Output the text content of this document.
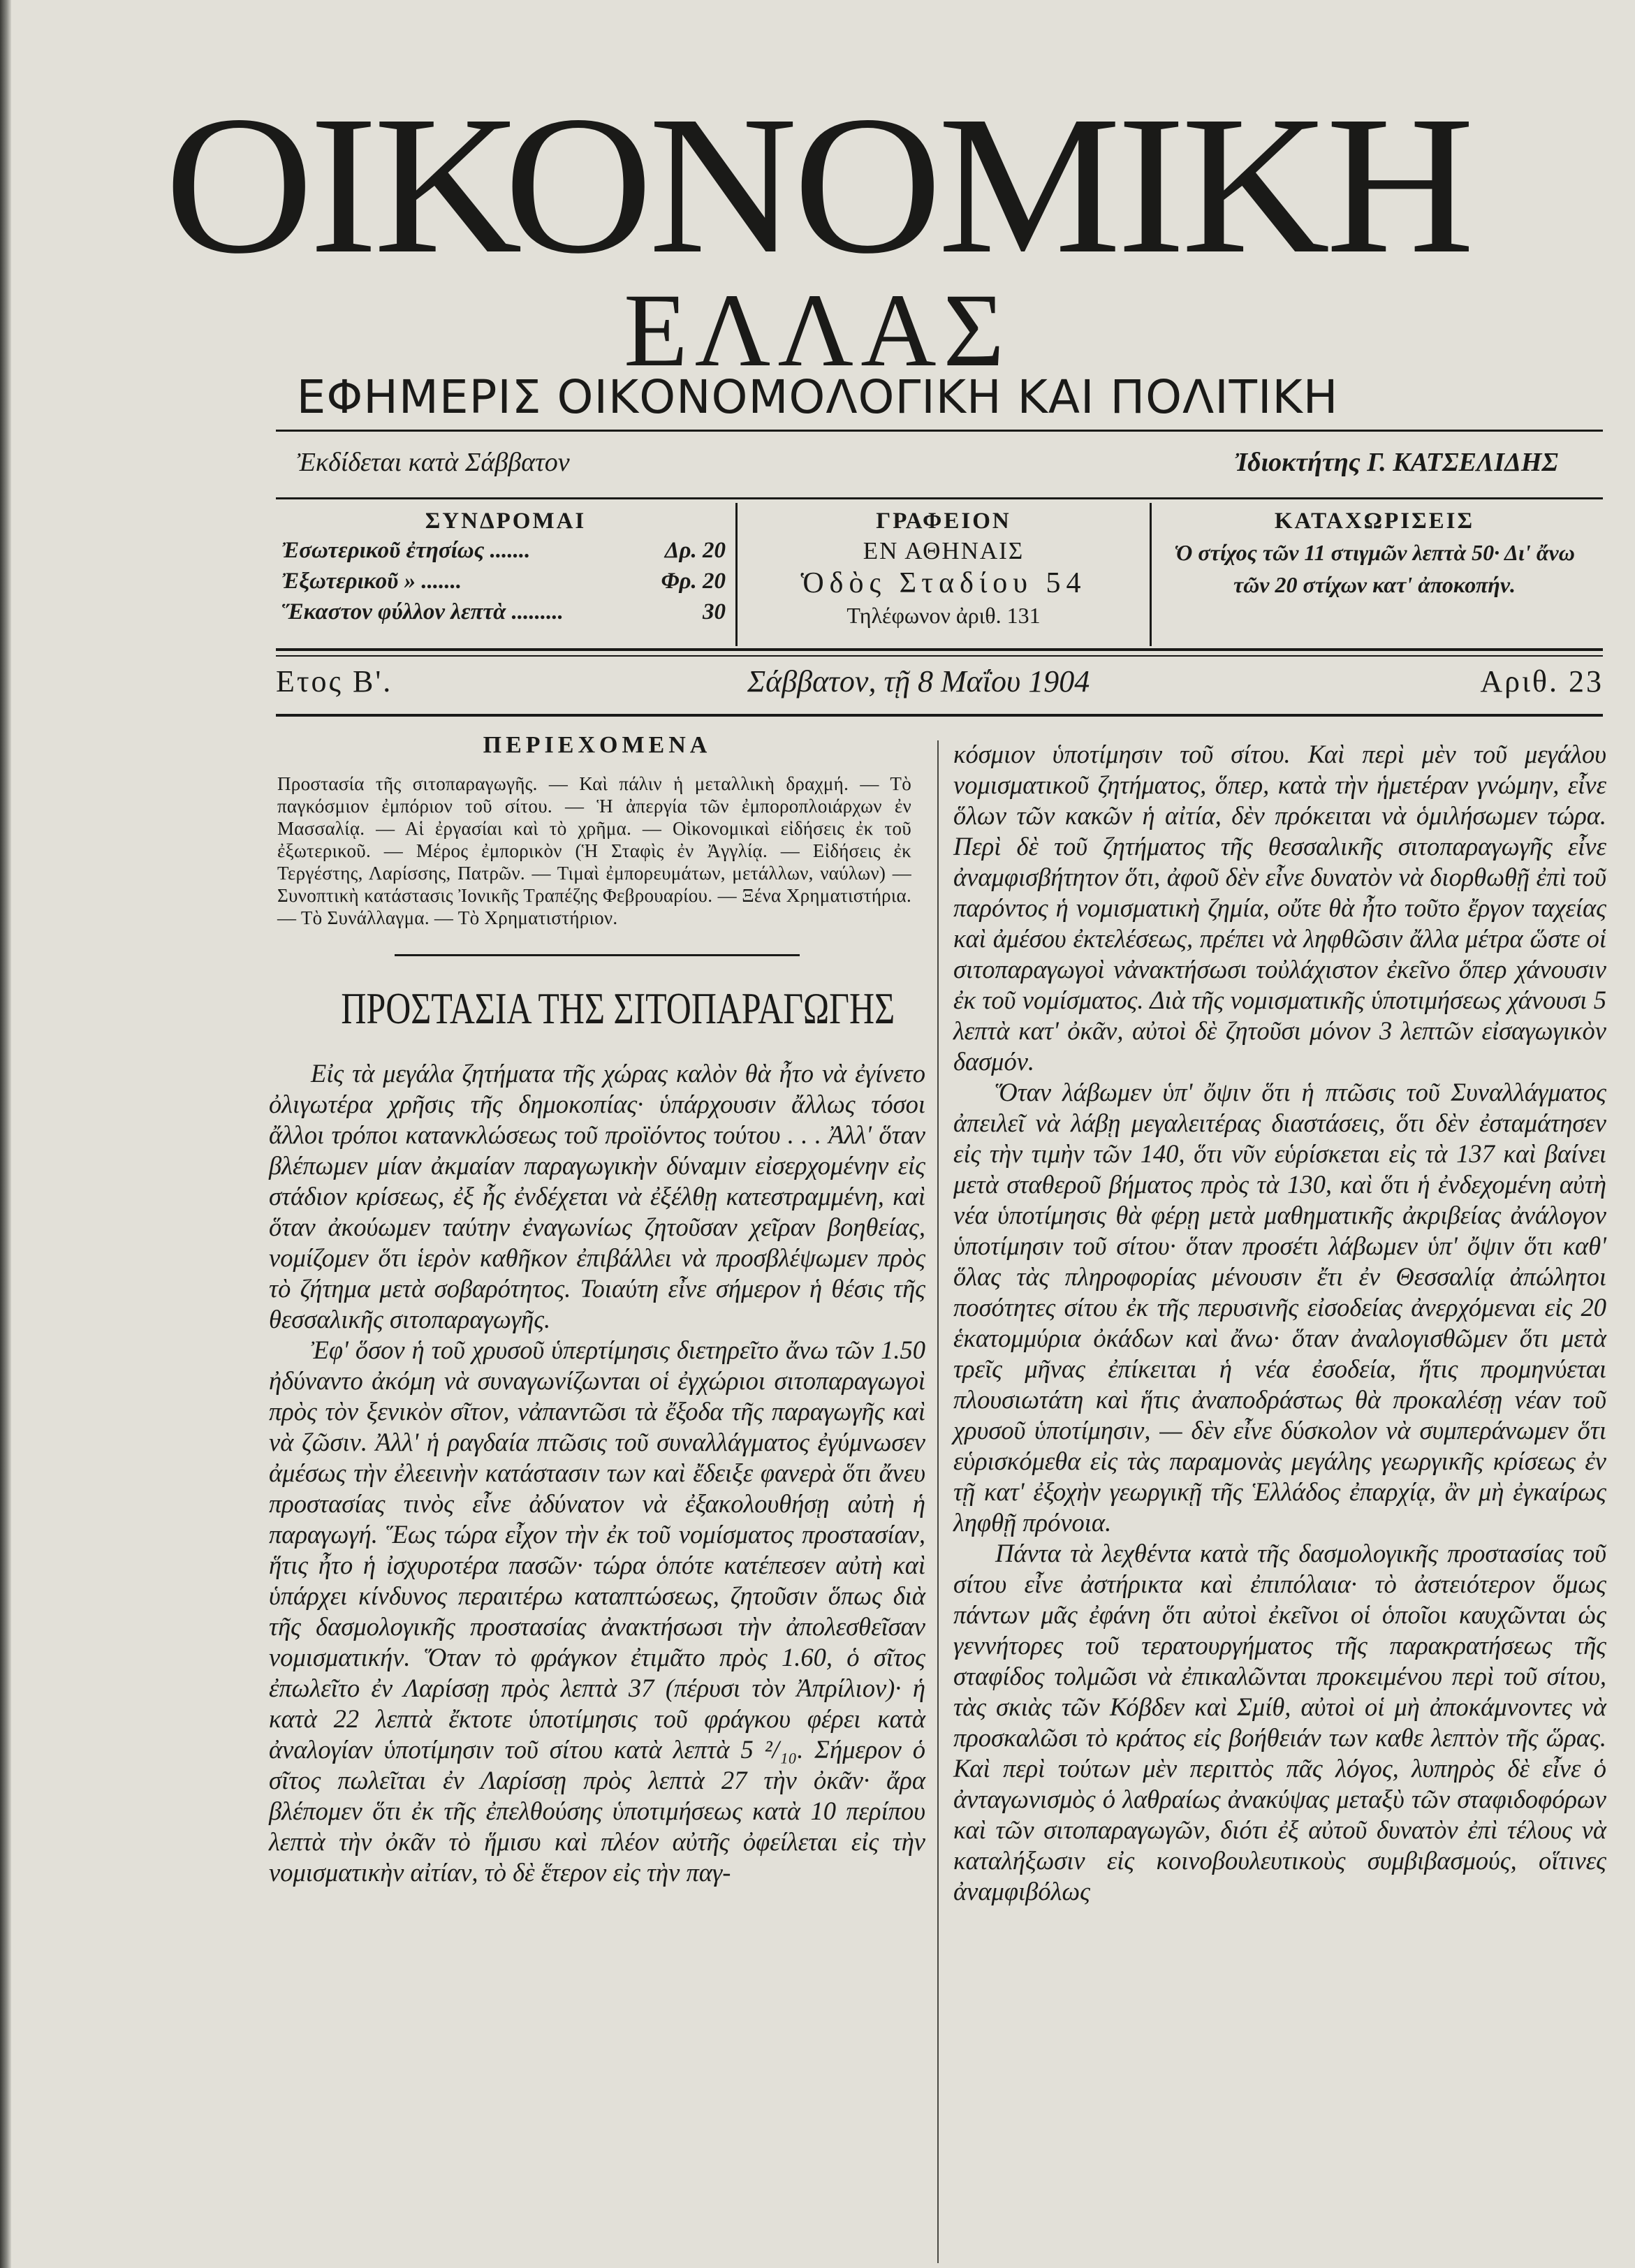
ΟΙΚΟΝΟΜΙΚΗ
ΕΛΛΑΣ
ΕΦΗΜΕΡΙΣ ΟΙΚΟΝΟΜΟΛΟΓΙΚΗ ΚΑΙ ΠΟΛΙΤΙΚΗ
Ἐκδίδεται κατὰ Σάββατον	Ἰδιοκτήτης Γ. ΚΑΤΣΕΛΙΔΗΣ
ΣΥΝΔΡΟΜΑΙ
Ἐσωτερικοῦ ἐτησίως .......	Δρ. 20
Ἐξωτερικοῦ » .......	Φρ. 20
Ἕκαστον φύλλον λεπτὰ .........	30
ΓΡΑΦΕΙΟΝ
ΕΝ ΑΘΗΝΑΙΣ
Ὁδὸς Σταδίου 54
Τηλέφωνον ἀριθ. 131
ΚΑΤΑΧΩΡΙΣΕΙΣ
Ὁ στίχος τῶν 11 στιγμῶν λεπτὰ 50· Δι' ἄνω τῶν 20 στίχων κατ' ἀποκοπήν.
Ετος Β'.	Σάββατον, τῇ 8 Μαΐου 1904	Αριθ. 23
ΠΕΡΙΕΧΟΜΕΝΑ
Προστασία τῆς σιτοπαραγωγῆς. — Καὶ πάλιν ἡ μεταλλικὴ δραχμή. — Τὸ παγκόσμιον ἐμπόριον τοῦ σίτου. — Ἡ ἀπεργία τῶν ἐμπορoπλοιάρχων ἐν Μασσαλίᾳ. — Αἱ ἐργασίαι καὶ τὸ χρῆμα. — Οἰκονομικαὶ εἰδήσεις ἐκ τοῦ ἐξωτερικοῦ. — Μέρος ἐμπορικὸν (Ἡ Σταφὶς ἐν Ἀγγλίᾳ. — Εἰδήσεις ἐκ Τεργέστης, Λαρίσσης, Πατρῶν. — Τιμαὶ ἐμπορευμάτων, μετάλλων, ναύλων) — Συνοπτικὴ κατάστασις Ἰονικῆς Τραπέζης Φεβρουαρίου. — Ξένα Χρηματιστήρια. — Τὸ Συνάλλαγμα. — Τὸ Χρηματιστήριον.
ΠΡΟΣΤΑΣΙΑ ΤΗΣ ΣΙΤΟΠΑΡΑΓΩΓΗΣ

Εἰς τὰ μεγάλα ζητήματα τῆς χώρας καλὸν θὰ ἦτο νὰ ἐγίνετο ὀλιγωτέρα χρῆσις τῆς δημοκοπίας· ὑπάρχουσιν ἄλλως τόσοι ἄλλοι τρόποι κατανκλώσεως τοῦ προϊόντος τούτου . . . Ἀλλ' ὅταν βλέπωμεν μίαν ἀκμαίαν παραγωγικὴν δύναμιν εἰσερχομένην εἰς στάδιον κρίσεως, ἐξ ἧς ἐνδέχεται νὰ ἐξέλθῃ κατεστραμμένη, καὶ ὅταν ἀκούωμεν ταύτην ἐναγωνίως ζητοῦσαν χεῖραν βοηθείας, νομίζομεν ὅτι ἱερὸν καθῆκον ἐπιβάλλει νὰ προσβλέψωμεν πρὸς τὸ ζήτημα μετὰ σοβαρότητος. Τοιαύτη εἶνε σήμερον ἡ θέσις τῆς θεσσαλικῆς σιτοπαραγωγῆς.

Ἐφ' ὅσον ἡ τοῦ χρυσοῦ ὑπερτίμησις διετηρεῖτο ἄνω τῶν 1.50 ἠδύναντο ἀκόμη νὰ συναγωνίζωνται οἱ ἐγχώριοι σιτοπαραγωγοὶ πρὸς τὸν ξενικὸν σῖτον, νἀπαντῶσι τὰ ἔξοδα τῆς παραγωγῆς καὶ νὰ ζῶσιν. Ἀλλ' ἡ ραγδαία πτῶσις τοῦ συναλλάγματος ἐγύμνωσεν ἀμέσως τὴν ἐλεεινὴν κατάστασιν των καὶ ἔδειξε φανερὰ ὅτι ἄνευ προστασίας τινὸς εἶνε ἀδύνατον νὰ ἐξακολουθήσῃ αὐτὴ ἡ παραγωγή. Ἕως τώρα εἶχον τὴν ἐκ τοῦ νομίσματος προστασίαν, ἥτις ἦτο ἡ ἰσχυροτέρα πασῶν· τώρα ὁπότε κατέπεσεν αὐτὴ καὶ ὑπάρχει κίνδυνος περαιτέρω καταπτώσεως, ζητοῦσιν ὅπως διὰ τῆς δασμολογικῆς προστασίας ἀνακτήσωσι τὴν ἀπολεσθεῖσαν νομισματικήν. Ὅταν τὸ φράγκον ἐτιμᾶτο πρὸς 1.60, ὁ σῖτος ἐπωλεῖτο ἐν Λαρίσσῃ πρὸς λεπτὰ 37 (πέρυσι τὸν Ἀπρίλιον)· ἡ κατὰ 22 λεπτὰ ἔκτοτε ὑποτίμησις τοῦ φράγκου φέρει κατὰ ἀναλογίαν ὑποτίμησιν τοῦ σίτου κατὰ λεπτὰ 5 ²/₁₀. Σήμερον ὁ σῖτος πωλεῖται ἐν Λαρίσσῃ πρὸς λεπτὰ 27 τὴν ὀκᾶν· ἄρα βλέπομεν ὅτι ἐκ τῆς ἐπελθούσης ὑποτιμήσεως κατὰ 10 περίπου λεπτὰ τὴν ὀκᾶν τὸ ἥμισυ καὶ πλέον αὐτῆς ὀφείλεται εἰς τὴν νομισματικὴν αἰτίαν, τὸ δὲ ἕτερον εἰς τὴν παγ-

κόσμιον ὑποτίμησιν τοῦ σίτου. Καὶ περὶ μὲν τοῦ μεγάλου νομισματικοῦ ζητήματος, ὅπερ, κατὰ τὴν ἡμετέραν γνώμην, εἶνε ὅλων τῶν κακῶν ἡ αἰτία, δὲν πρόκειται νὰ ὁμιλήσωμεν τώρα. Περὶ δὲ τοῦ ζητήματος τῆς θεσσαλικῆς σιτοπαραγωγῆς εἶνε ἀναμφισβήτητον ὅτι, ἀφοῦ δὲν εἶνε δυνατὸν νὰ διορθωθῇ ἐπὶ τοῦ παρόντος ἡ νομισματικὴ ζημία, οὔτε θὰ ἦτο τοῦτο ἔργον ταχείας καὶ ἀμέσου ἐκτελέσεως, πρέπει νὰ ληφθῶσιν ἄλλα μέτρα ὥστε οἱ σιτοπαραγωγοὶ νἀνακτήσωσι τοὐλάχιστον ἐκεῖνο ὅπερ χάνουσιν ἐκ τοῦ νομίσματος. Διὰ τῆς νομισματικῆς ὑποτιμήσεως χάνουσι 5 λεπτὰ κατ' ὀκᾶν, αὐτοὶ δὲ ζητοῦσι μόνον 3 λεπτῶν εἰσαγωγικὸν δασμόν.

Ὅταν λάβωμεν ὑπ' ὄψιν ὅτι ἡ πτῶσις τοῦ Συναλλάγματος ἀπειλεῖ νὰ λάβῃ μεγαλειτέρας διαστάσεις, ὅτι δὲν ἐσταμάτησεν εἰς τὴν τιμὴν τῶν 140, ὅτι νῦν εὑρίσκεται εἰς τὰ 137 καὶ βαίνει μετὰ σταθεροῦ βήματος πρὸς τὰ 130, καὶ ὅτι ἡ ἐνδεχομένη αὐτὴ νέα ὑποτίμησις θὰ φέρῃ μετὰ μαθηματικῆς ἀκριβείας ἀνάλογον ὑποτίμησιν τοῦ σίτου· ὅταν προσέτι λάβωμεν ὑπ' ὄψιν ὅτι καθ' ὅλας τὰς πληροφορίας μένουσιν ἔτι ἐν Θεσσαλίᾳ ἀπώλητοι ποσότητες σίτου ἐκ τῆς περυσινῆς εἰσοδείας ἀνερχόμεναι εἰς 20 ἑκατομμύρια ὀκάδων καὶ ἄνω· ὅταν ἀναλογισθῶμεν ὅτι μετὰ τρεῖς μῆνας ἐπίκειται ἡ νέα ἐσοδεία, ἥτις προμηνύεται πλουσιωτάτη καὶ ἥτις ἀναποδράστως θὰ προκαλέσῃ νέαν τοῦ χρυσοῦ ὑποτίμησιν, — δὲν εἶνε δύσκολον νὰ συμπεράνωμεν ὅτι εὑρισκόμεθα εἰς τὰς παραμονὰς μεγάλης γεωργικῆς κρίσεως ἐν τῇ κατ' ἐξοχὴν γεωργικῇ τῆς Ἑλλάδος ἐπαρχίᾳ, ἂν μὴ ἐγκαίρως ληφθῇ πρόνοια.

Πάντα τὰ λεχθέντα κατὰ τῆς δασμολογικῆς προστασίας τοῦ σίτου εἶνε ἀστήρικτα καὶ ἐπιπόλαια· τὸ ἀστειότερον ὅμως πάντων μᾶς ἐφάνη ὅτι αὐτοὶ ἐκεῖνοι οἱ ὁποῖοι καυχῶνται ὡς γεννήτορες τοῦ τερατουργήματος τῆς παρακρατήσεως τῆς σταφίδος τολμῶσι νὰ ἐπικαλῶνται προκειμένου περὶ τοῦ σίτου, τὰς σκιὰς τῶν Κόβδεν καὶ Σμίθ, αὐτοὶ οἱ μὴ ἀποκάμνοντες νὰ προσκαλῶσι τὸ κράτος εἰς βοήθειάν των καθε λεπτὸν τῆς ὥρας. Καὶ περὶ τούτων μὲν περιττὸς πᾶς λόγος, λυπηρὸς δὲ εἶνε ὁ ἀνταγωνισμὸς ὁ λαθραίως ἀνακύψας μεταξὺ τῶν σταφιδοφόρων καὶ τῶν σιτοπαραγωγῶν, διότι ἐξ αὐτοῦ δυνατὸν ἐπὶ τέλους νὰ καταλήξωσιν εἰς κοινοβουλευτικοὺς συμβιβασμούς, οἵτινες ἀναμφιβόλως
